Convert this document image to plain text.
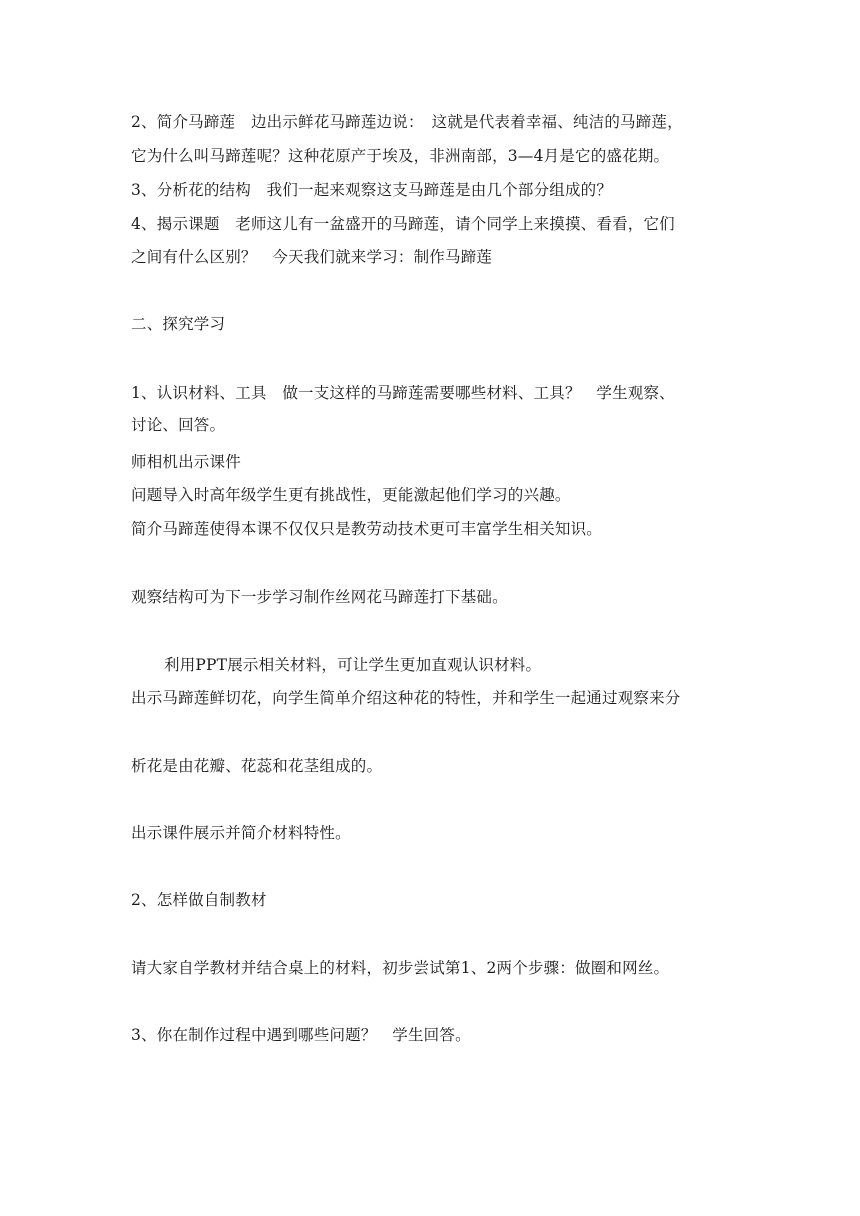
2、简介马蹄莲　边出示鲜花马蹄莲边说：　这就是代表着幸福、纯洁的马蹄莲，
它为什么叫马蹄莲呢？这种花原产于埃及，非洲南部，3—4月是它的盛花期。
3、分析花的结构　我们一起来观察这支马蹄莲是由几个部分组成的？
4、揭示课题　老师这儿有一盆盛开的马蹄莲，请个同学上来摸摸、看看，它们
之间有什么区别？　今天我们就来学习：制作马蹄莲
二、探究学习
1、认识材料、工具　做一支这样的马蹄莲需要哪些材料、工具？　学生观察、
讨论、回答。
师相机出示课件
问题导入时高年级学生更有挑战性，更能激起他们学习的兴趣。
简介马蹄莲使得本课不仅仅只是教劳动技术更可丰富学生相关知识。
观察结构可为下一步学习制作丝网花马蹄莲打下基础。
利用PPT展示相关材料，可让学生更加直观认识材料。
出示马蹄莲鲜切花，向学生简单介绍这种花的特性，并和学生一起通过观察来分
析花是由花瓣、花蕊和花茎组成的。
出示课件展示并简介材料特性。
2、怎样做自制教材
请大家自学教材并结合桌上的材料，初步尝试第1、2两个步骤：做圈和网丝。
3、你在制作过程中遇到哪些问题？　学生回答。
